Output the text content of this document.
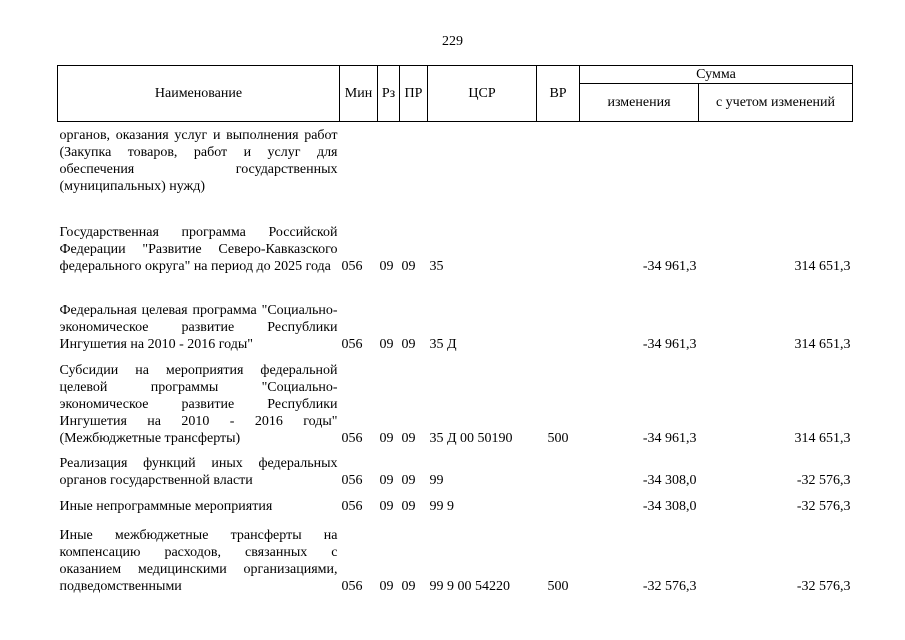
229
Наименование	Мин	Рз	ПР	ЦСР	ВР	Сумма	
						изменения	с учетом изменений
органов, оказания услуг и выполнения работ (Закупка товаров, работ и услуг для обеспечения государственных (муниципальных) нужд)							
Государственная программа Российской Федерации "Развитие Северо-Кавказского федерального округа" на период до 2025 года	056	09	09	35		-34 961,3	314 651,3
Федеральная целевая программа "Социально-экономическое развитие Республики Ингушетия на 2010 - 2016 годы"	056	09	09	35 Д		-34 961,3	314 651,3
Субсидии на мероприятия федеральной целевой программы "Социально-экономическое развитие Республики Ингушетия на 2010 - 2016 годы" (Межбюджетные трансферты)	056	09	09	35 Д 00 50190	500	-34 961,3	314 651,3
Реализация функций иных федеральных органов государственной власти	056	09	09	99		-34 308,0	-32 576,3
Иные непрограммные мероприятия	056	09	09	99 9		-34 308,0	-32 576,3
Иные межбюджетные трансферты на компенсацию расходов, связанных с оказанием медицинскими организациями, подведомственными	056	09	09	99 9 00 54220	500	-32 576,3	-32 576,3
